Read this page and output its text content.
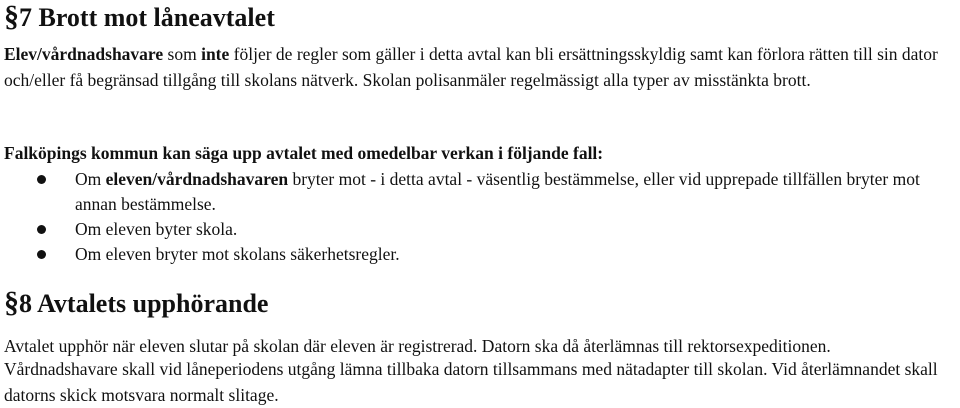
§7 Brott mot låneavtalet

Elev/vårdnadshavare som inte följer de regler som gäller i detta avtal kan bli ersättningsskyldig samt kan förlora rätten till sin dator och/eller få begränsad tillgång till skolans nätverk. Skolan polisanmäler regelmässigt alla typer av misstänkta brott.

Falköpings kommun kan säga upp avtalet med omedelbar verkan i följande fall:

Om eleven/vårdnadshavaren bryter mot - i detta avtal - väsentlig bestämmelse, eller vid upprepade tillfällen bryter mot annan bestämmelse.
Om eleven byter skola.
Om eleven bryter mot skolans säkerhetsregler.
§8 Avtalets upphörande

Avtalet upphör när eleven slutar på skolan där eleven är registrerad. Datorn ska då återlämnas till rektorsexpeditionen.

Vårdnadshavare skall vid låneperiodens utgång lämna tillbaka datorn tillsammans med nätadapter till skolan. Vid återlämnandet skall datorns skick motsvara normalt slitage.
